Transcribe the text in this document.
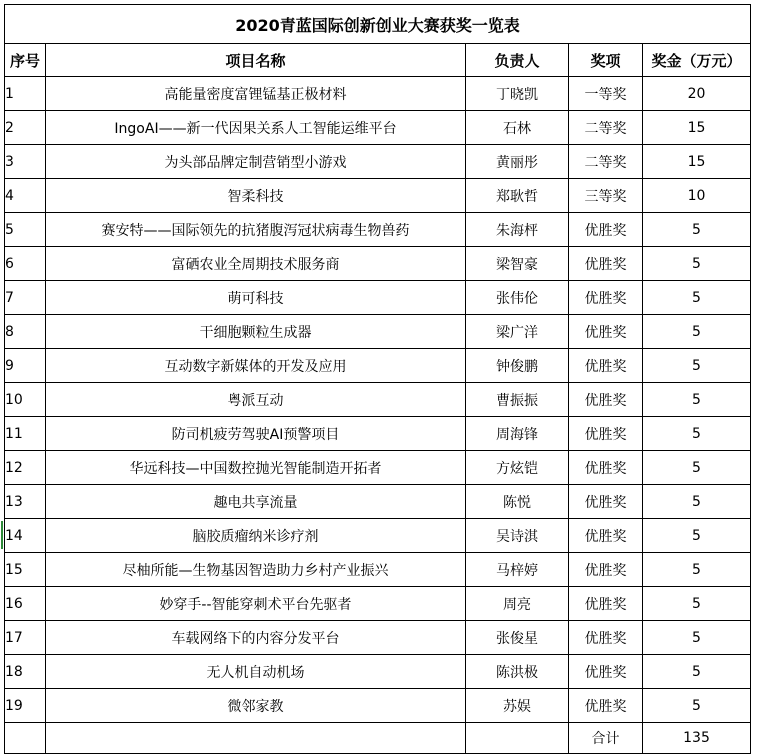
2020青蓝国际创新创业大赛获奖一览表				
序号	项目名称	负责人	奖项	奖金（万元）
1	高能量密度富锂锰基正极材料	丁晓凯	一等奖	20
2	IngoAI——新一代因果关系人工智能运维平台	石林	二等奖	15
3	为头部品牌定制营销型小游戏	黄丽彤	二等奖	15
4	智柔科技	郑耿哲	三等奖	10
5	赛安特——国际领先的抗猪腹泻冠状病毒生物兽药	朱海枰	优胜奖	5
6	富硒农业全周期技术服务商	梁智豪	优胜奖	5
7	萌可科技	张伟伦	优胜奖	5
8	干细胞颗粒生成器	梁广洋	优胜奖	5
9	互动数字新媒体的开发及应用	钟俊鹏	优胜奖	5
10	粤派互动	曹振振	优胜奖	5
11	防司机疲劳驾驶AI预警项目	周海锋	优胜奖	5
12	华远科技—中国数控抛光智能制造开拓者	方炫铠	优胜奖	5
13	趣电共享流量	陈悦	优胜奖	5
14	脑胶质瘤纳米诊疗剂	吴诗淇	优胜奖	5
15	尽柚所能—生物基因智造助力乡村产业振兴	马梓婷	优胜奖	5
16	妙穿手--智能穿刺术平台先驱者	周亮	优胜奖	5
17	车载网络下的内容分发平台	张俊星	优胜奖	5
18	无人机自动机场	陈洪极	优胜奖	5
19	微邻家教	苏娱	优胜奖	5
			合计	135
